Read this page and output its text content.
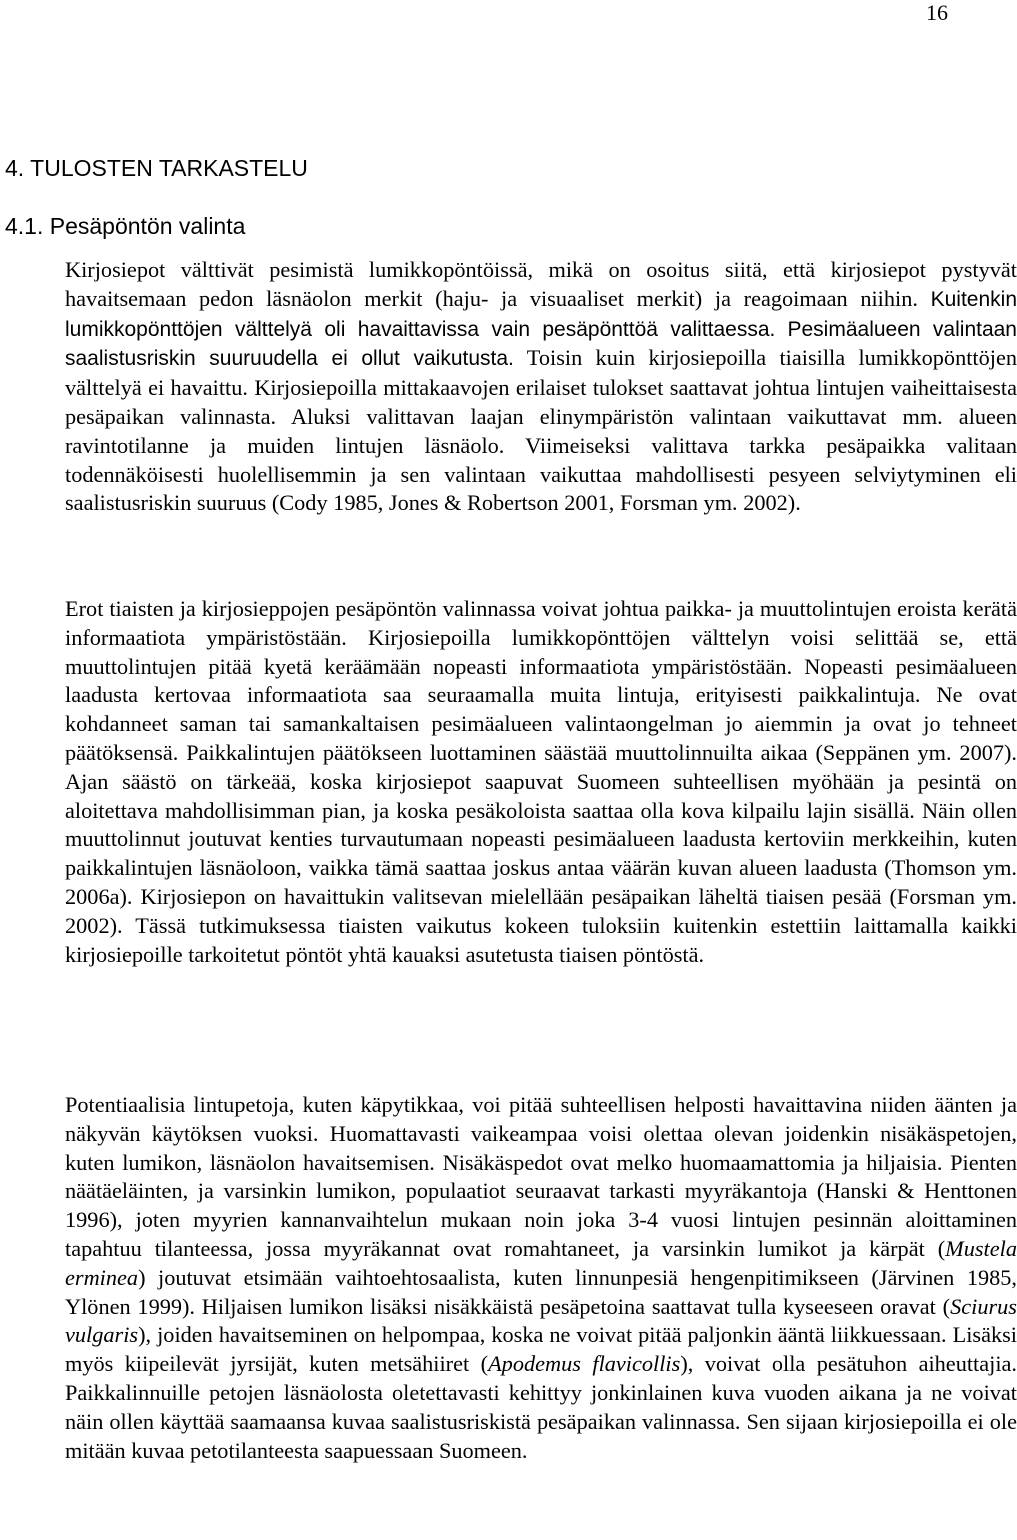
16
4. TULOSTEN TARKASTELU
4.1. Pesäpöntön valinta

Kirjosiepot välttivät pesimistä lumikkopöntöissä, mikä on osoitus siitä, että kirjosiepot pystyvät havaitsemaan pedon läsnäolon merkit (haju- ja visuaaliset merkit) ja reagoimaan niihin. Kuitenkin lumikkopönttöjen välttelyä oli havaittavissa vain pesäpönttöä valittaessa. Pesimäalueen valintaan saalistusriskin suuruudella ei ollut vaikutusta. Toisin kuin kirjosiepoilla tiaisilla lumikkopönttöjen välttelyä ei havaittu. Kirjosiepoilla mittakaavojen erilaiset tulokset saattavat johtua lintujen vaiheittaisesta pesäpaikan valinnasta. Aluksi valittavan laajan elinympäristön valintaan vaikuttavat mm. alueen ravintotilanne ja muiden lintujen läsnäolo. Viimeiseksi valittava tarkka pesäpaikka valitaan todennäköisesti huolellisemmin ja sen valintaan vaikuttaa mahdollisesti pesyeen selviytyminen eli saalistusriskin suuruus (Cody 1985, Jones & Robertson 2001, Forsman ym. 2002).

Erot tiaisten ja kirjosieppojen pesäpöntön valinnassa voivat johtua paikka- ja muuttolintujen eroista kerätä informaatiota ympäristöstään. Kirjosiepoilla lumikkopönttöjen välttelyn voisi selittää se, että muuttolintujen pitää kyetä keräämään nopeasti informaatiota ympäristöstään. Nopeasti pesimäalueen laadusta kertovaa informaatiota saa seuraamalla muita lintuja, erityisesti paikkalintuja. Ne ovat kohdanneet saman tai samankaltaisen pesimäalueen valintaongelman jo aiemmin ja ovat jo tehneet päätöksensä. Paikkalintujen päätökseen luottaminen säästää muuttolinnuilta aikaa (Seppänen ym. 2007). Ajan säästö on tärkeää, koska kirjosiepot saapuvat Suomeen suhteellisen myöhään ja pesintä on aloitettava mahdollisimman pian, ja koska pesäkoloista saattaa olla kova kilpailu lajin sisällä. Näin ollen muuttolinnut joutuvat kenties turvautumaan nopeasti pesimäalueen laadusta kertoviin merkkeihin, kuten paikkalintujen läsnäoloon, vaikka tämä saattaa joskus antaa väärän kuvan alueen laadusta (Thomson ym. 2006a). Kirjosiepon on havaittukin valitsevan mielellään pesäpaikan läheltä tiaisen pesää (Forsman ym. 2002). Tässä tutkimuksessa tiaisten vaikutus kokeen tuloksiin kuitenkin estettiin laittamalla kaikki kirjosiepoille tarkoitetut pöntöt yhtä kauaksi asutetusta tiaisen pöntöstä.

Potentiaalisia lintupetoja, kuten käpytikkaa, voi pitää suhteellisen helposti havaittavina niiden äänten ja näkyvän käytöksen vuoksi. Huomattavasti vaikeampaa voisi olettaa olevan joidenkin nisäkäspetojen, kuten lumikon, läsnäolon havaitsemisen. Nisäkäspedot ovat melko huomaamattomia ja hiljaisia. Pienten näätäeläinten, ja varsinkin lumikon, populaatiot seuraavat tarkasti myyräkantoja (Hanski & Henttonen 1996), joten myyrien kannanvaihtelun mukaan noin joka 3-4 vuosi lintujen pesinnän aloittaminen tapahtuu tilanteessa, jossa myyräkannat ovat romahtaneet, ja varsinkin lumikot ja kärpät (Mustela erminea) joutuvat etsimään vaihtoehtosaalista, kuten linnunpesiä hengenpitimikseen (Järvinen 1985, Ylönen 1999). Hiljaisen lumikon lisäksi nisäkkäistä pesäpetoina saattavat tulla kyseeseen oravat (Sciurus vulgaris), joiden havaitseminen on helpompaa, koska ne voivat pitää paljonkin ääntä liikkuessaan. Lisäksi myös kiipeilevät jyrsijät, kuten metsähiiret (Apodemus flavicollis), voivat olla pesätuhon aiheuttajia. Paikkalinnuille petojen läsnäolosta oletettavasti kehittyy jonkinlainen kuva vuoden aikana ja ne voivat näin ollen käyttää saamaansa kuvaa saalistusriskistä pesäpaikan valinnassa. Sen sijaan kirjosiepoilla ei ole mitään kuvaa petotilanteesta saapuessaan Suomeen.
